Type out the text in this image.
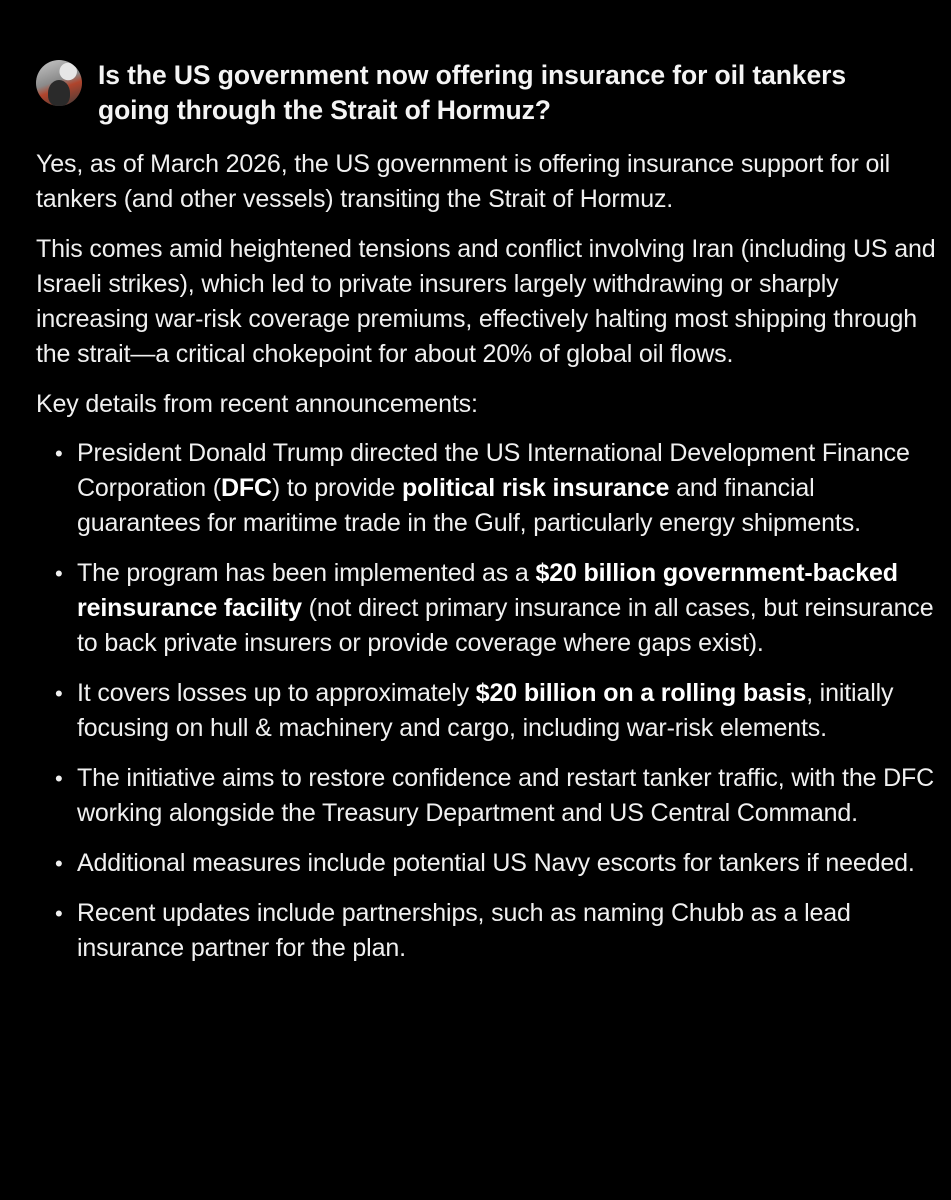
Is the US government now offering insurance for oil tankers going through the Strait of Hormuz?

Yes, as of March 2026, the US government is offering insurance support for oil tankers (and other vessels) transiting the Strait of Hormuz.

This comes amid heightened tensions and conflict involving Iran (including US and Israeli strikes), which led to private insurers largely withdrawing or sharply increasing war-risk coverage premiums, effectively halting most shipping through the strait—a critical chokepoint for about 20% of global oil flows.

Key details from recent announcements:

• President Donald Trump directed the US International Development Finance Corporation (DFC) to provide political risk insurance and financial guarantees for maritime trade in the Gulf, particularly energy shipments.
• The program has been implemented as a $20 billion government-backed reinsurance facility (not direct primary insurance in all cases, but reinsurance to back private insurers or provide coverage where gaps exist).
• It covers losses up to approximately $20 billion on a rolling basis, initially focusing on hull & machinery and cargo, including war-risk elements.
• The initiative aims to restore confidence and restart tanker traffic, with the DFC working alongside the Treasury Department and US Central Command.
• Additional measures include potential US Navy escorts for tankers if needed.
• Recent updates include partnerships, such as naming Chubb as a lead insurance partner for the plan.
